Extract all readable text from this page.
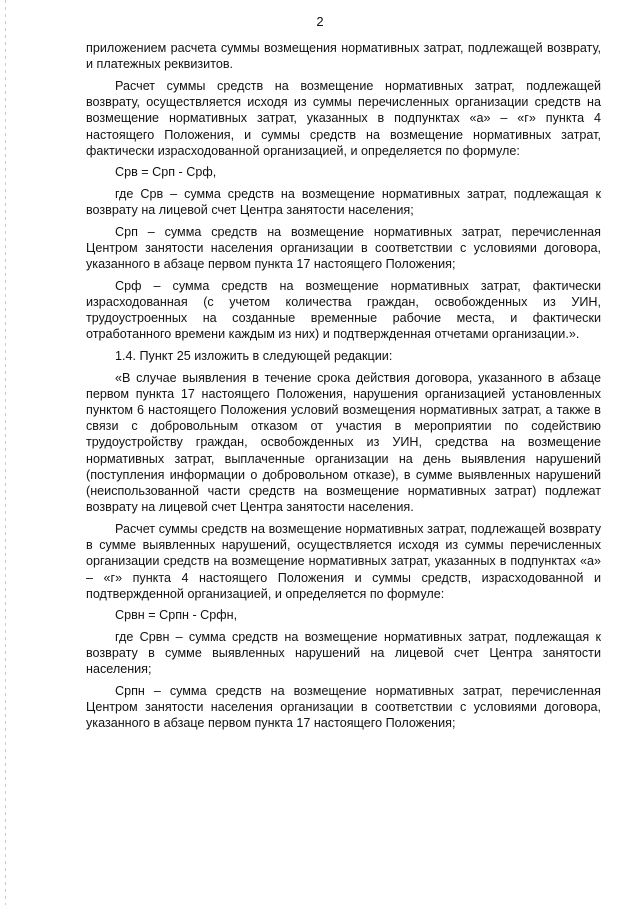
2

приложением расчета суммы возмещения нормативных затрат, подлежащей возврату, и платежных реквизитов.

Расчет суммы средств на возмещение нормативных затрат, подлежащей возврату, осуществляется исходя из суммы перечисленных организации средств на возмещение нормативных затрат, указанных в подпунктах «а» – «г» пункта 4 настоящего Положения, и суммы средств на возмещение нормативных затрат, фактически израсходованной организацией, и определяется по формуле:

Срв = Срп - Срф,

где Срв – сумма средств на возмещение нормативных затрат, подлежащая к возврату на лицевой счет Центра занятости населения;

Срп – сумма средств на возмещение нормативных затрат, перечисленная Центром занятости населения организации в соответствии с условиями договора, указанного в абзаце первом пункта 17 настоящего Положения;

Срф – сумма средств на возмещение нормативных затрат, фактически израсходованная (с учетом количества граждан, освобожденных из УИН, трудоустроенных на созданные временные рабочие места, и фактически отработанного времени каждым из них) и подтвержденная отчетами организации.».

1.4. Пункт 25 изложить в следующей редакции:

«В случае выявления в течение срока действия договора, указанного в абзаце первом пункта 17 настоящего Положения, нарушения организацией установленных пунктом 6 настоящего Положения условий возмещения нормативных затрат, а также в связи с добровольным отказом от участия в мероприятии по содействию трудоустройству граждан, освобожденных из УИН, средства на возмещение нормативных затрат, выплаченные организации на день выявления нарушений (поступления информации о добровольном отказе), в сумме выявленных нарушений (неиспользованной части средств на возмещение нормативных затрат) подлежат возврату на лицевой счет Центра занятости населения.

Расчет суммы средств на возмещение нормативных затрат, подлежащей возврату в сумме выявленных нарушений, осуществляется исходя из суммы перечисленных организации средств на возмещение нормативных затрат, указанных в подпунктах «а» – «г» пункта 4 настоящего Положения и суммы средств, израсходованной и подтвержденной организацией, и определяется по формуле:

Срвн = Српн - Срфн,

где Срвн – сумма средств на возмещение нормативных затрат, подлежащая к возврату в сумме выявленных нарушений на лицевой счет Центра занятости населения;

Српн – сумма средств на возмещение нормативных затрат, перечисленная Центром занятости населения организации в соответствии с условиями договора, указанного в абзаце первом пункта 17 настоящего Положения;
